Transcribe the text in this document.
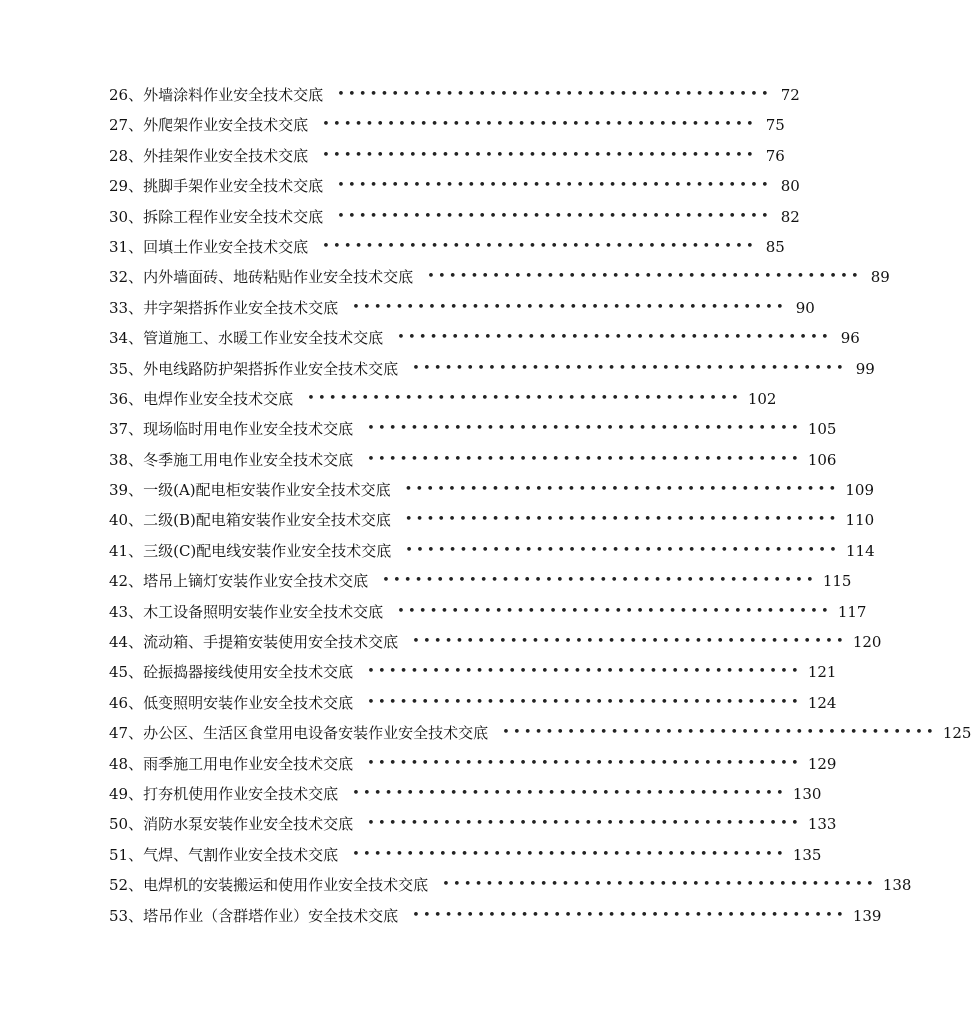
26、外墙涂料作业安全技术交底	•••••••••••••••••••••••••••••••••••••••• 72
27、外爬架作业安全技术交底	•••••••••••••••••••••••••••••••••••••••• 75
28、外挂架作业安全技术交底	•••••••••••••••••••••••••••••••••••••••• 76
29、挑脚手架作业安全技术交底	•••••••••••••••••••••••••••••••••••••••• 80
30、拆除工程作业安全技术交底	•••••••••••••••••••••••••••••••••••••••• 82
31、回填土作业安全技术交底	•••••••••••••••••••••••••••••••••••••••• 85
32、内外墙面砖、地砖粘贴作业安全技术交底	•••••••••••••••••••••••••••••••••••••••• 89
33、井字架搭拆作业安全技术交底	•••••••••••••••••••••••••••••••••••••••• 90
34、管道施工、水暖工作业安全技术交底	•••••••••••••••••••••••••••••••••••••••• 96
35、外电线路防护架搭拆作业安全技术交底	•••••••••••••••••••••••••••••••••••••••• 99
36、电焊作业安全技术交底	•••••••••••••••••••••••••••••••••••••••• 102
37、现场临时用电作业安全技术交底	•••••••••••••••••••••••••••••••••••••••• 105
38、冬季施工用电作业安全技术交底	•••••••••••••••••••••••••••••••••••••••• 106
39、一级(A)配电柜安装作业安全技术交底	•••••••••••••••••••••••••••••••••••••••• 109
40、二级(B)配电箱安装作业安全技术交底	•••••••••••••••••••••••••••••••••••••••• 110
41、三级(C)配电线安装作业安全技术交底	•••••••••••••••••••••••••••••••••••••••• 114
42、塔吊上镝灯安装作业安全技术交底	•••••••••••••••••••••••••••••••••••••••• 115
43、木工设备照明安装作业安全技术交底	•••••••••••••••••••••••••••••••••••••••• 117
44、流动箱、手提箱安装使用安全技术交底	•••••••••••••••••••••••••••••••••••••••• 120
45、砼振捣器接线使用安全技术交底	•••••••••••••••••••••••••••••••••••••••• 121
46、低变照明安装作业安全技术交底	•••••••••••••••••••••••••••••••••••••••• 124
47、办公区、生活区食堂用电设备安装作业安全技术交底	•••••••••••••••••••••••••••••••••••••••• 125
48、雨季施工用电作业安全技术交底	•••••••••••••••••••••••••••••••••••••••• 129
49、打夯机使用作业安全技术交底	•••••••••••••••••••••••••••••••••••••••• 130
50、消防水泵安装作业安全技术交底	•••••••••••••••••••••••••••••••••••••••• 133
51、气焊、气割作业安全技术交底	•••••••••••••••••••••••••••••••••••••••• 135
52、电焊机的安装搬运和使用作业安全技术交底	•••••••••••••••••••••••••••••••••••••••• 138
53、塔吊作业（含群塔作业）安全技术交底	•••••••••••••••••••••••••••••••••••••••• 139
